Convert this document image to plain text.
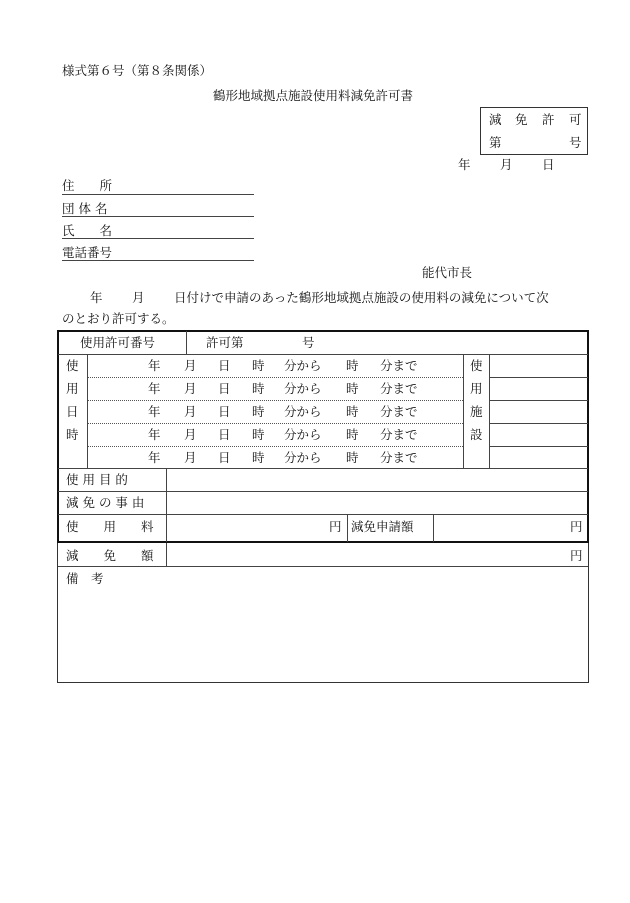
様式第６号（第８条関係）
鶴形地域拠点施設使用料減免許可書
減 免 許 可
第	号
年 月 日
住　　所
団 体 名
氏　　名
電話番号
能代市長
年 月 日付けで申請のあった鶴形地域拠点施設の使用料の減免について次
のとおり許可する。
使用許可番号	許可第	号
使
用
日
時
使
用
施
設
年 月 日 時 分から 時 分まで
年 月 日 時 分から 時 分まで
年 月 日 時 分から 時 分まで
年 月 日 時 分から 時 分まで
年 月 日 時 分から 時 分まで
使 用 目 的
減 免 の 事 由
使　　用　　料	円 減免申請額	円
減　　免　　額	円
備　考
